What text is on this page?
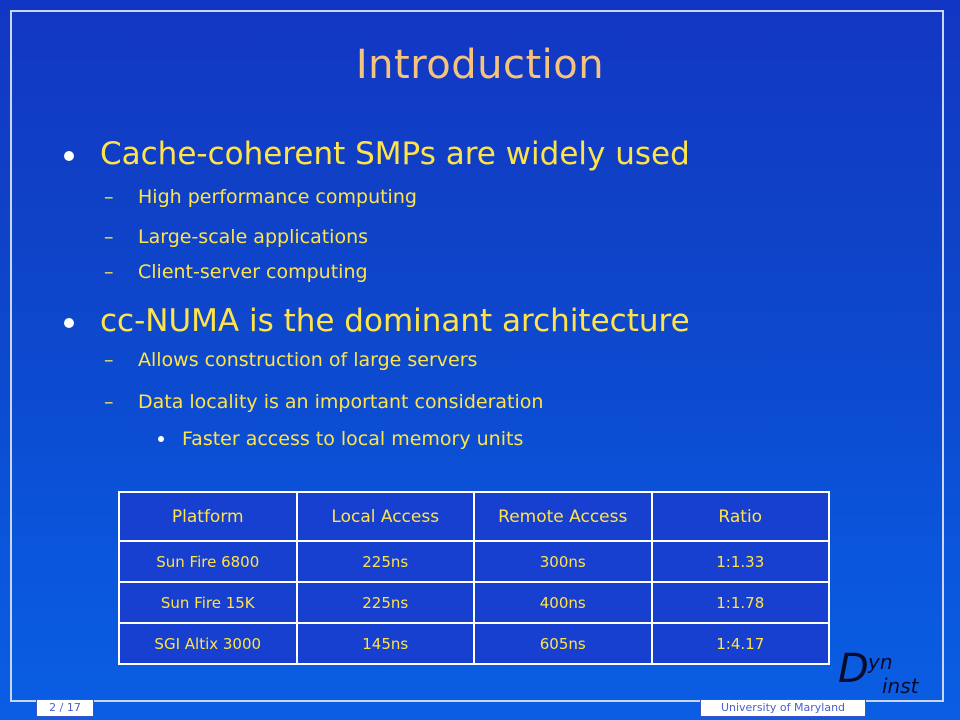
Introduction
Cache-coherent SMPs are widely used
– High performance computing
– Large-scale applications
– Client-server computing
cc-NUMA is the dominant architecture
– Allows construction of large servers
– Data locality is an important consideration
Faster access to local memory units
Platform	Local Access	Remote Access	Ratio
Sun Fire 6800	225ns	300ns	1:1.33
Sun Fire 15K	225ns	400ns	1:1.78
SGI Altix 3000	145ns	605ns	1:4.17
D yn
inst
2 / 17	University of Maryland
